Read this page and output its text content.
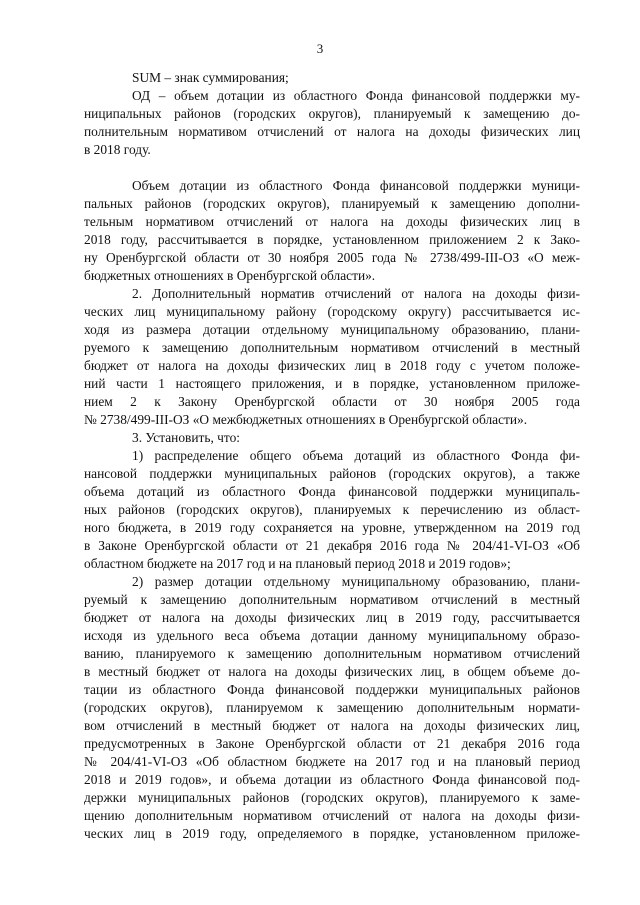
3
SUM – знак суммирования;
ОД – объем дотации из областного Фонда финансовой поддержки му-
ниципальных районов (городских округов), планируемый к замещению до-
полнительным нормативом отчислений от налога на доходы физических лиц
в 2018 году.
Объем дотации из областного Фонда финансовой поддержки муници-
пальных районов (городских округов), планируемый к замещению дополни-
тельным нормативом отчислений от налога на доходы физических лиц в
2018 году, рассчитывается в порядке, установленном приложением 2 к Зако-
ну Оренбургской области от 30 ноября 2005 года № 2738/499-III-ОЗ «О меж-
бюджетных отношениях в Оренбургской области».
2. Дополнительный норматив отчислений от налога на доходы физи-
ческих лиц муниципальному району (городскому округу) рассчитывается ис-
ходя из размера дотации отдельному муниципальному образованию, плани-
руемого к замещению дополнительным нормативом отчислений в местный
бюджет от налога на доходы физических лиц в 2018 году с учетом положе-
ний части 1 настоящего приложения, и в порядке, установленном приложе-
нием 2 к Закону Оренбургской области от 30 ноября 2005 года
№ 2738/499-III-ОЗ «О межбюджетных отношениях в Оренбургской области».
3. Установить, что:
1) распределение общего объема дотаций из областного Фонда фи-
нансовой поддержки муниципальных районов (городских округов), а также
объема дотаций из областного Фонда финансовой поддержки муниципаль-
ных районов (городских округов), планируемых к перечислению из област-
ного бюджета, в 2019 году сохраняется на уровне, утвержденном на 2019 год
в Законе Оренбургской области от 21 декабря 2016 года № 204/41-VI-ОЗ «Об
областном бюджете на 2017 год и на плановый период 2018 и 2019 годов»;
2) размер дотации отдельному муниципальному образованию, плани-
руемый к замещению дополнительным нормативом отчислений в местный
бюджет от налога на доходы физических лиц в 2019 году, рассчитывается
исходя из удельного веса объема дотации данному муниципальному образо-
ванию, планируемого к замещению дополнительным нормативом отчислений
в местный бюджет от налога на доходы физических лиц, в общем объеме до-
тации из областного Фонда финансовой поддержки муниципальных районов
(городских округов), планируемом к замещению дополнительным нормати-
вом отчислений в местный бюджет от налога на доходы физических лиц,
предусмотренных в Законе Оренбургской области от 21 декабря 2016 года
№ 204/41-VI-ОЗ «Об областном бюджете на 2017 год и на плановый период
2018 и 2019 годов», и объема дотации из областного Фонда финансовой под-
держки муниципальных районов (городских округов), планируемого к заме-
щению дополнительным нормативом отчислений от налога на доходы физи-
ческих лиц в 2019 году, определяемого в порядке, установленном приложе-
